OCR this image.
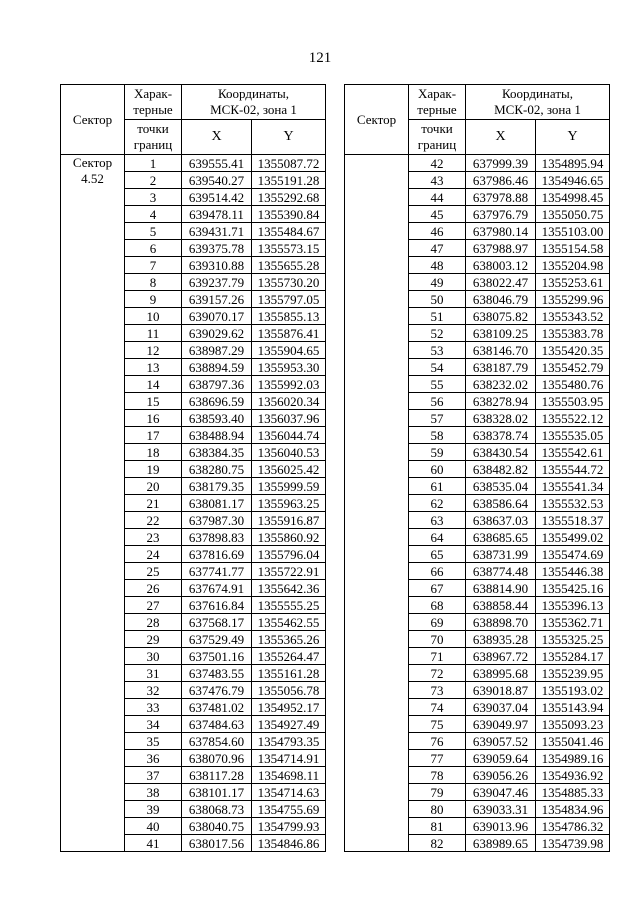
121
Сектор	Харак-
терные	Координаты,
МСК-02, зона 1	
	точки
границ	X	Y
Сектор
4.52	1	639555.41	1355087.72
	2	639540.27	1355191.28
	3	639514.42	1355292.68
	4	639478.11	1355390.84
	5	639431.71	1355484.67
	6	639375.78	1355573.15
	7	639310.88	1355655.28
	8	639237.79	1355730.20
	9	639157.26	1355797.05
	10	639070.17	1355855.13
	11	639029.62	1355876.41
	12	638987.29	1355904.65
	13	638894.59	1355953.30
	14	638797.36	1355992.03
	15	638696.59	1356020.34
	16	638593.40	1356037.96
	17	638488.94	1356044.74
	18	638384.35	1356040.53
	19	638280.75	1356025.42
	20	638179.35	1355999.59
	21	638081.17	1355963.25
	22	637987.30	1355916.87
	23	637898.83	1355860.92
	24	637816.69	1355796.04
	25	637741.77	1355722.91
	26	637674.91	1355642.36
	27	637616.84	1355555.25
	28	637568.17	1355462.55
	29	637529.49	1355365.26
	30	637501.16	1355264.47
	31	637483.55	1355161.28
	32	637476.79	1355056.78
	33	637481.02	1354952.17
	34	637484.63	1354927.49
	35	637854.60	1354793.35
	36	638070.96	1354714.91
	37	638117.28	1354698.11
	38	638101.17	1354714.63
	39	638068.73	1354755.69
	40	638040.75	1354799.93
	41	638017.56	1354846.86
Сектор	Харак-
терные	Координаты,
МСК-02, зона 1	
	точки
границ	X	Y
	42	637999.39	1354895.94
	43	637986.46	1354946.65
	44	637978.88	1354998.45
	45	637976.79	1355050.75
	46	637980.14	1355103.00
	47	637988.97	1355154.58
	48	638003.12	1355204.98
	49	638022.47	1355253.61
	50	638046.79	1355299.96
	51	638075.82	1355343.52
	52	638109.25	1355383.78
	53	638146.70	1355420.35
	54	638187.79	1355452.79
	55	638232.02	1355480.76
	56	638278.94	1355503.95
	57	638328.02	1355522.12
	58	638378.74	1355535.05
	59	638430.54	1355542.61
	60	638482.82	1355544.72
	61	638535.04	1355541.34
	62	638586.64	1355532.53
	63	638637.03	1355518.37
	64	638685.65	1355499.02
	65	638731.99	1355474.69
	66	638774.48	1355446.38
	67	638814.90	1355425.16
	68	638858.44	1355396.13
	69	638898.70	1355362.71
	70	638935.28	1355325.25
	71	638967.72	1355284.17
	72	638995.68	1355239.95
	73	639018.87	1355193.02
	74	639037.04	1355143.94
	75	639049.97	1355093.23
	76	639057.52	1355041.46
	77	639059.64	1354989.16
	78	639056.26	1354936.92
	79	639047.46	1354885.33
	80	639033.31	1354834.96
	81	639013.96	1354786.32
	82	638989.65	1354739.98
